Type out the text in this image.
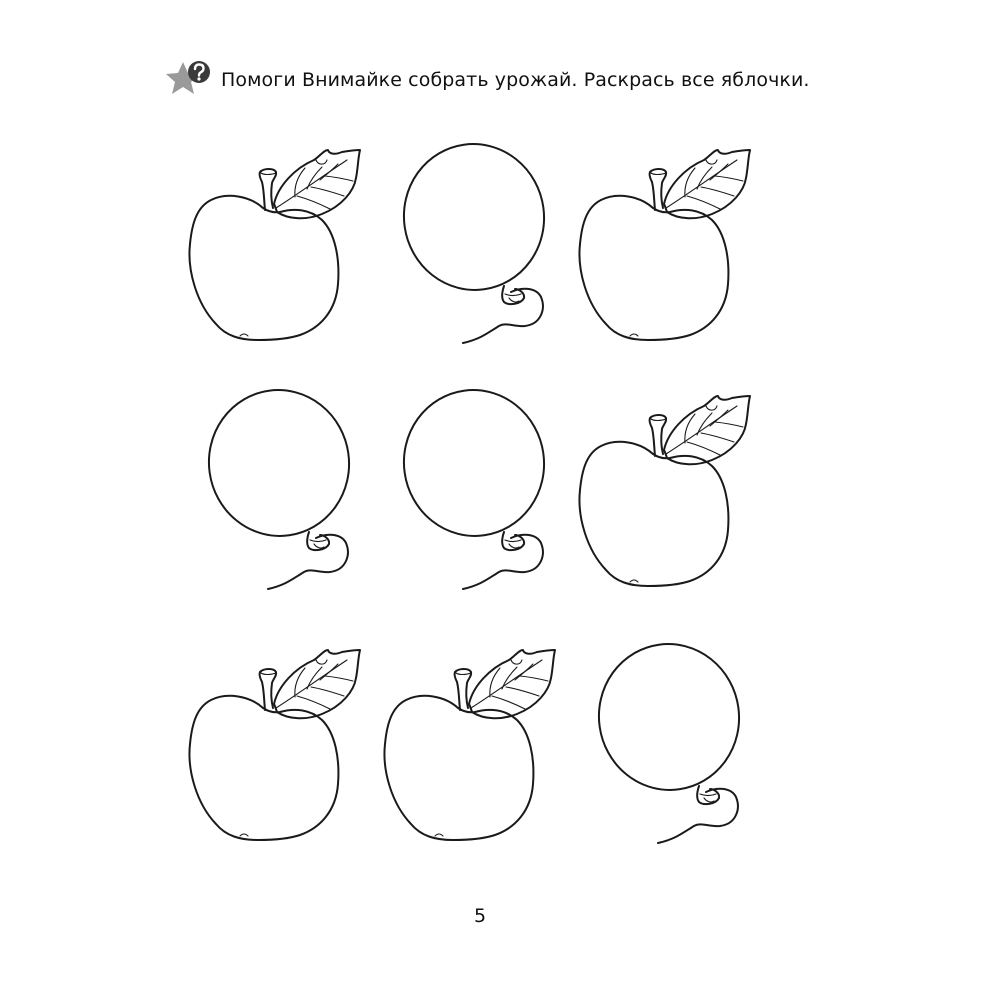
Помоги Внимайке собрать урожай. Раскрась все яблочки.
5
